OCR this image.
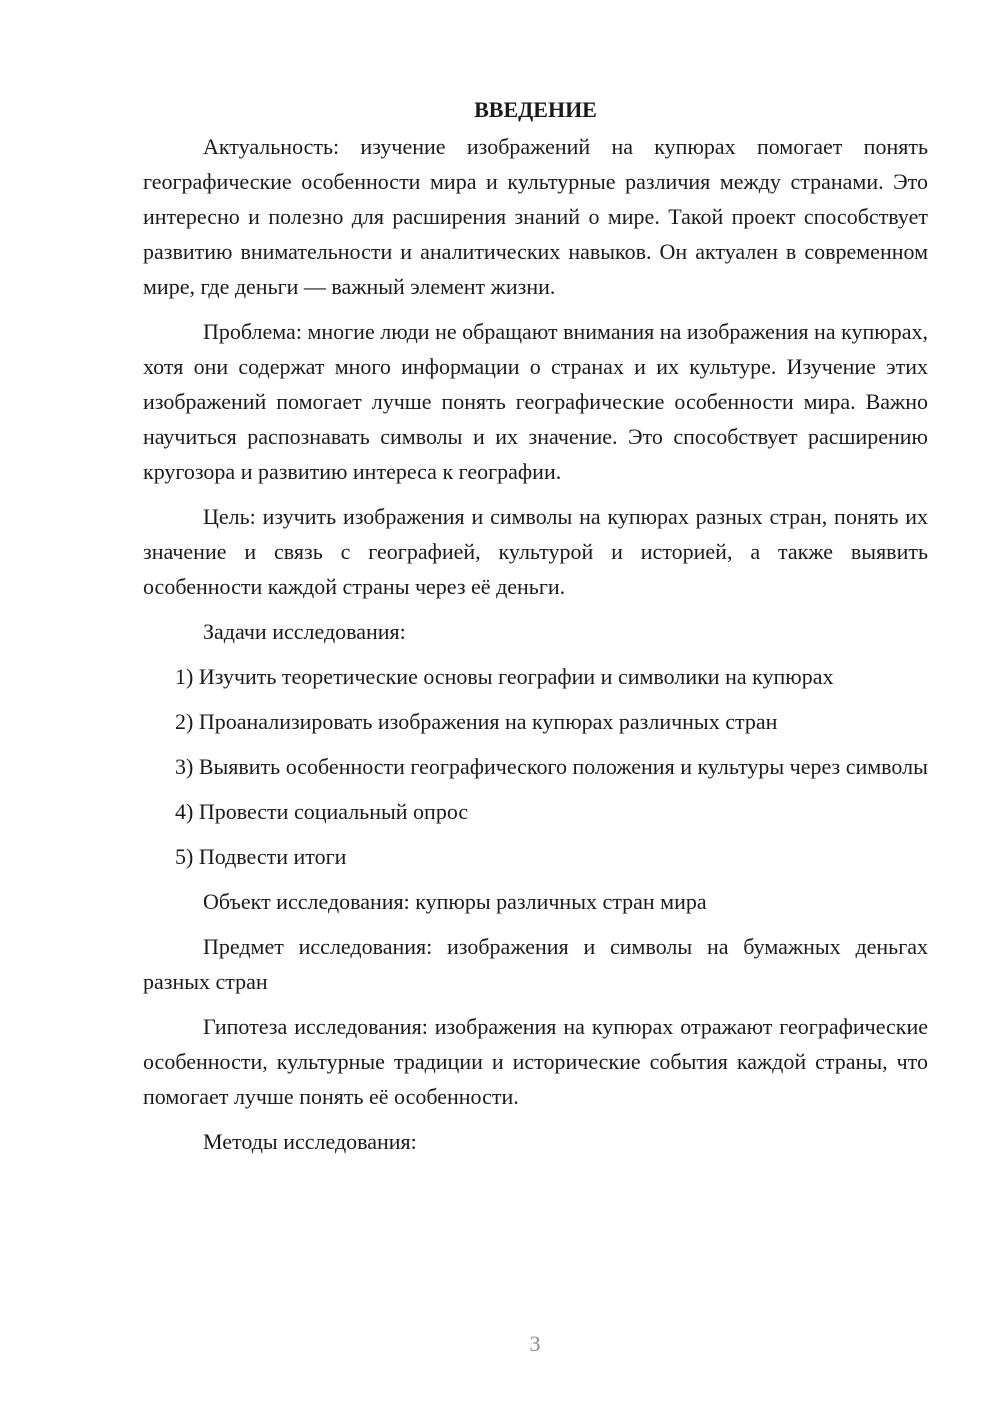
ВВЕДЕНИЕ

Актуальность: изучение изображений на купюрах помогает понять географические особенности мира и культурные различия между странами. Это интересно и полезно для расширения знаний о мире. Такой проект способствует развитию внимательности и аналитических навыков. Он актуален в современном мире, где деньги — важный элемент жизни.

Проблема: многие люди не обращают внимания на изображения на купюрах, хотя они содержат много информации о странах и их культуре. Изучение этих изображений помогает лучше понять географические особенности мира. Важно научиться распознавать символы и их значение. Это способствует расширению кругозора и развитию интереса к географии.

Цель: изучить изображения и символы на купюрах разных стран, понять их значение и связь с географией, культурой и историей, а также выявить особенности каждой страны через её деньги.

Задачи исследования:

1) Изучить теоретические основы географии и символики на купюрах

2) Проанализировать изображения на купюрах различных стран

3) Выявить особенности географического положения и культуры через символы

4) Провести социальный опрос

5) Подвести итоги

Объект исследования: купюры различных стран мира

Предмет исследования: изображения и символы на бумажных деньгах разных стран

Гипотеза исследования: изображения на купюрах отражают географические особенности, культурные традиции и исторические события каждой страны, что помогает лучше понять её особенности.

Методы исследования:

3
